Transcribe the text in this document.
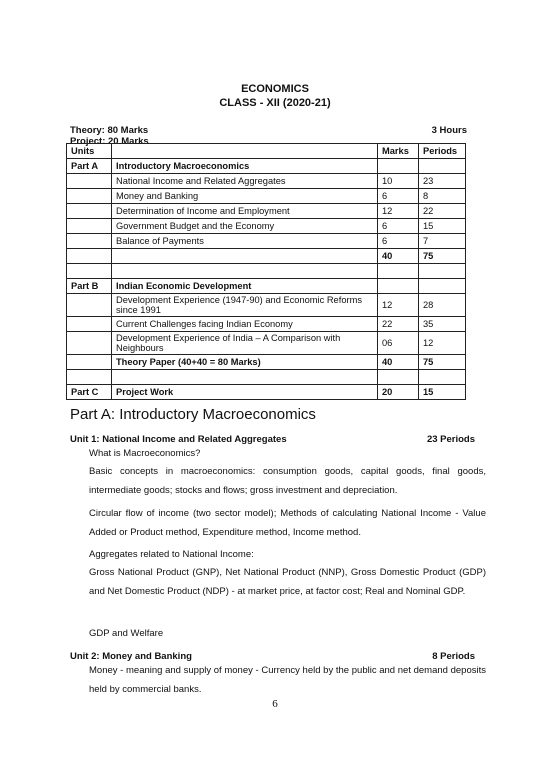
ECONOMICS
CLASS - XII (2020-21)
Theory: 80 Marks	3 Hours
Project: 20 Marks
Units		Marks	Periods
Part A	Introductory Macroeconomics		
	National Income and Related Aggregates	10	23
	Money and Banking	6	8
	Determination of Income and Employment	12	22
	Government Budget and the Economy	6	15
	Balance of Payments	6	7
		40	75

Part B	Indian Economic Development		
	Development Experience (1947-90) and Economic Reforms since 1991	12	28
	Current Challenges facing Indian Economy	22	35
	Development Experience of India – A Comparison with Neighbours	06	12
	Theory Paper (40+40 = 80 Marks)	40	75

Part C	Project Work	20	15
Part A: Introductory Macroeconomics
Unit 1: National Income and Related Aggregates	23 Periods
What is Macroeconomics?
Basic concepts in macroeconomics: consumption goods, capital goods, final goods, intermediate goods; stocks and flows; gross investment and depreciation.
Circular flow of income (two sector model); Methods of calculating National Income - Value Added or Product method, Expenditure method, Income method.
Aggregates related to National Income:
Gross National Product (GNP), Net National Product (NNP), Gross Domestic Product (GDP) and Net Domestic Product (NDP) - at market price, at factor cost; Real and Nominal GDP.
GDP and Welfare
Unit 2: Money and Banking	8 Periods
Money - meaning and supply of money - Currency held by the public and net demand deposits held by commercial banks.
6
